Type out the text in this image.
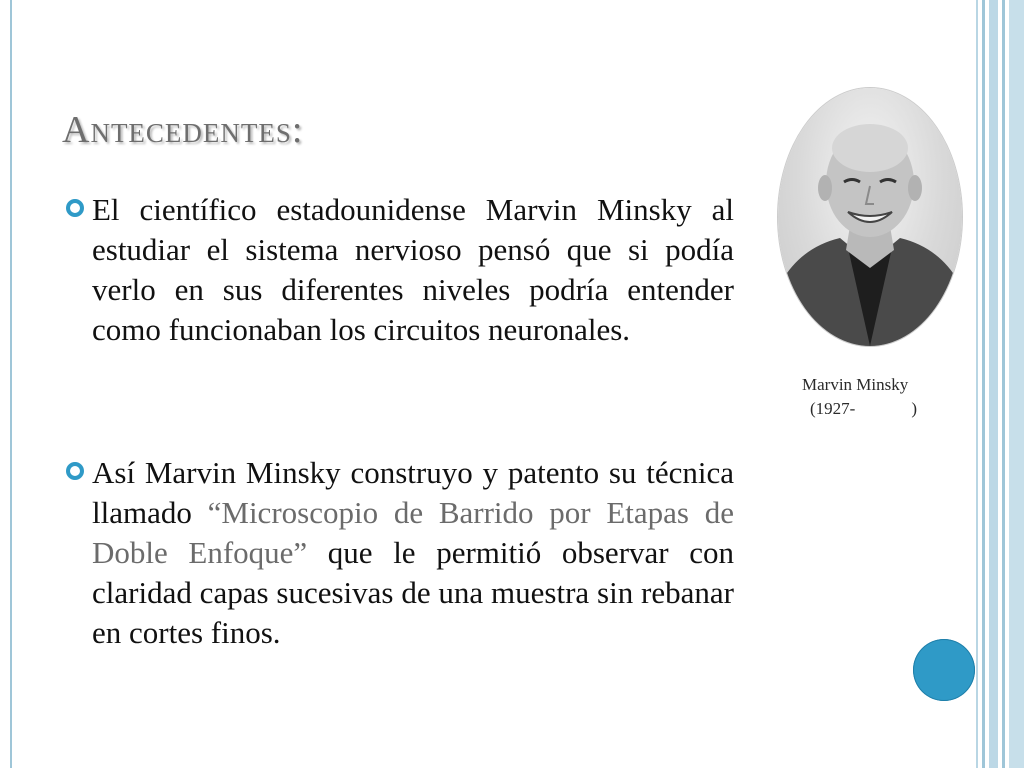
Antecedentes:
El científico estadounidense Marvin Minsky al estudiar el sistema nervioso pensó que si podía verlo en sus diferentes niveles podría entender como funcionaban los circuitos neuronales.
Así Marvin Minsky construyo y patento su técnica llamado “Microscopio de Barrido por Etapas de Doble Enfoque” que le permitió observar con claridad capas sucesivas de una muestra sin rebanar en cortes finos.
Marvin Minsky
(1927-	)
